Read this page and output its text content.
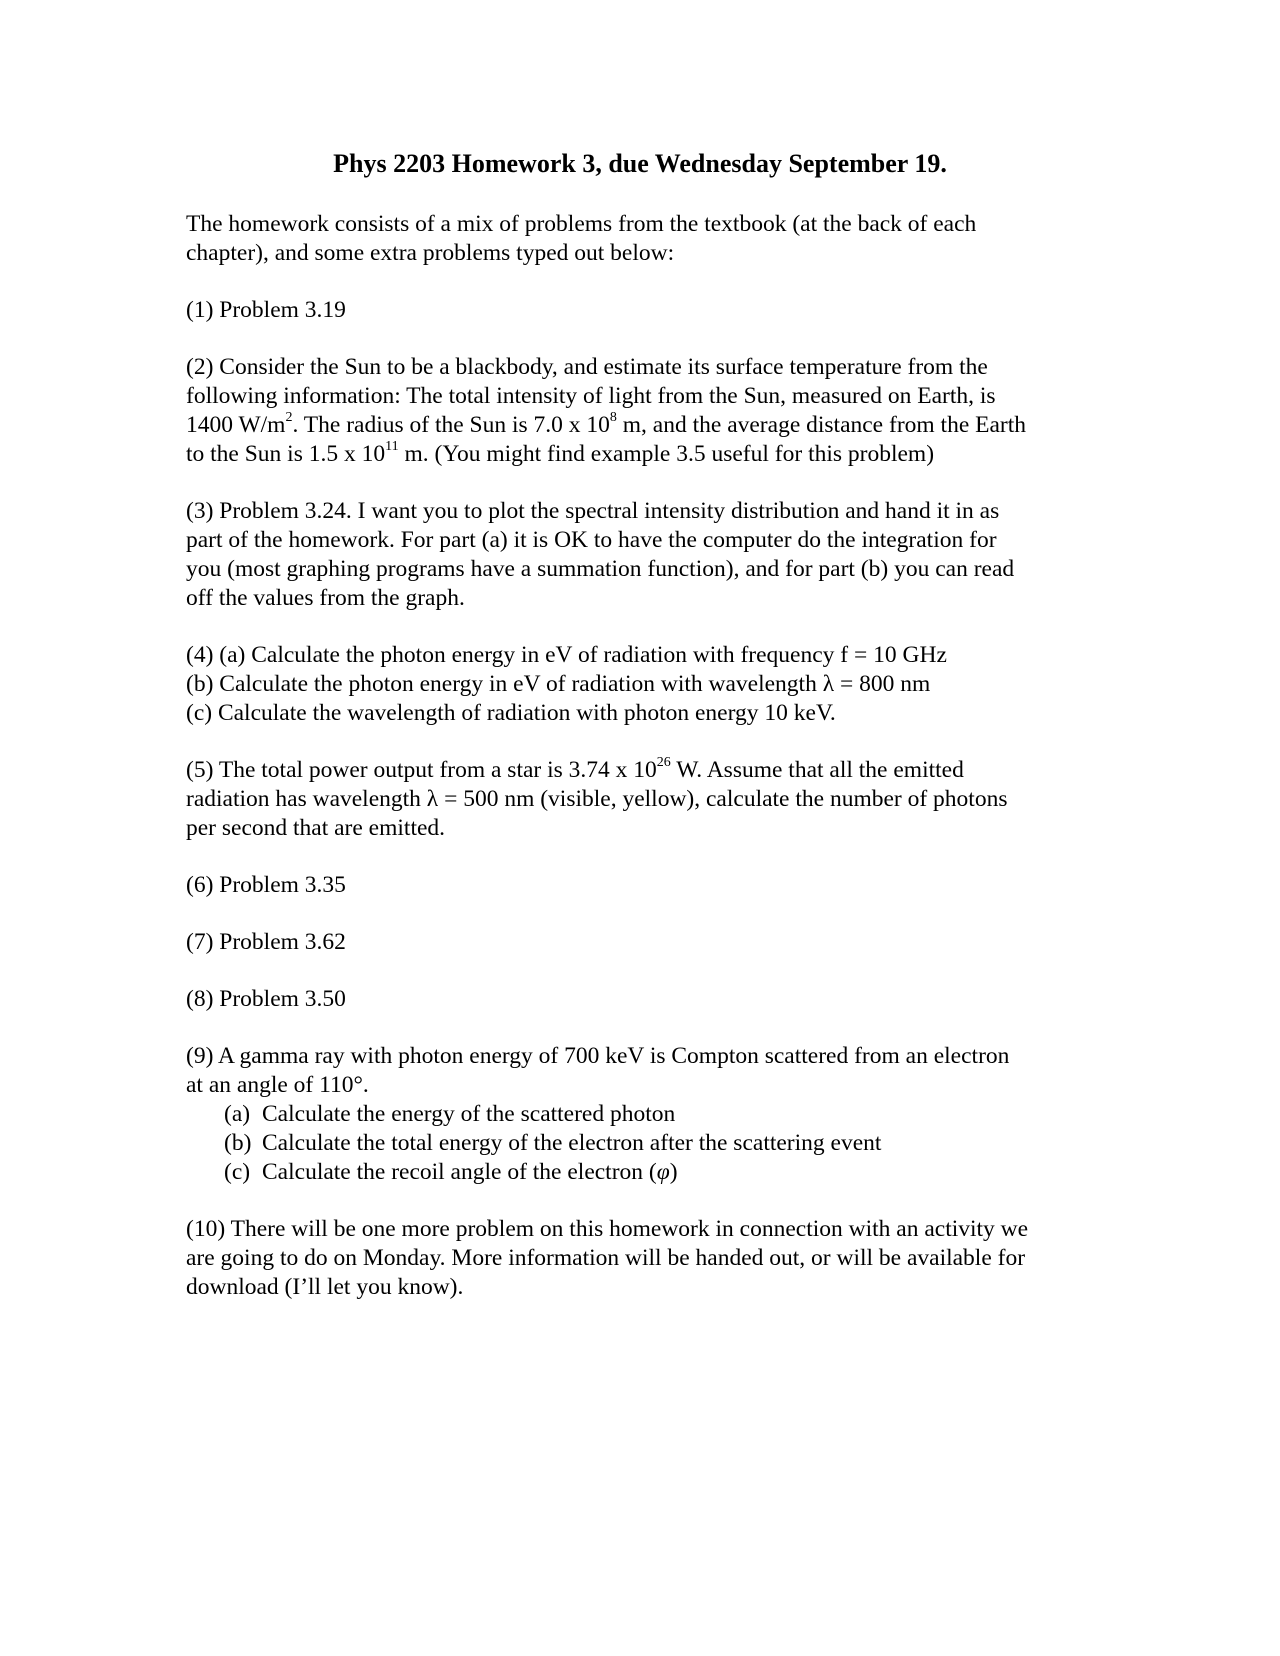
Phys 2203 Homework 3, due Wednesday September 19.

The homework consists of a mix of problems from the textbook (at the back of each
chapter), and some extra problems typed out below:

(1) Problem 3.19

(2) Consider the Sun to be a blackbody, and estimate its surface temperature from the
following information: The total intensity of light from the Sun, measured on Earth, is
1400 $W/m^2$. The radius of the Sun is 7.0 x $10^8$ m, and the average distance from the Earth
to the Sun is 1.5 x $10^{11}$ m. (You might find example 3.5 useful for this problem)

(3) Problem 3.24. I want you to plot the spectral intensity distribution and hand it in as
part of the homework. For part (a) it is OK to have the computer do the integration for
you (most graphing programs have a summation function), and for part (b) you can read
off the values from the graph.

(4) (a) Calculate the photon energy in eV of radiation with frequency f = 10 GHz
(b) Calculate the photon energy in eV of radiation with wavelength λ = 800 nm
(c) Calculate the wavelength of radiation with photon energy 10 keV.

(5) The total power output from a star is 3.74 x $10^{26}$ W. Assume that all the emitted
radiation has wavelength λ = 500 nm (visible, yellow), calculate the number of photons
per second that are emitted.

(6) Problem 3.35

(7) Problem 3.62

(8) Problem 3.50

(9) A gamma ray with photon energy of 700 keV is Compton scattered from an electron
at an angle of 110°.
(a) Calculate the energy of the scattered photon
(b) Calculate the total energy of the electron after the scattering event
(c) Calculate the recoil angle of the electron (φ)

(10) There will be one more problem on this homework in connection with an activity we
are going to do on Monday. More information will be handed out, or will be available for
download (I’ll let you know).
